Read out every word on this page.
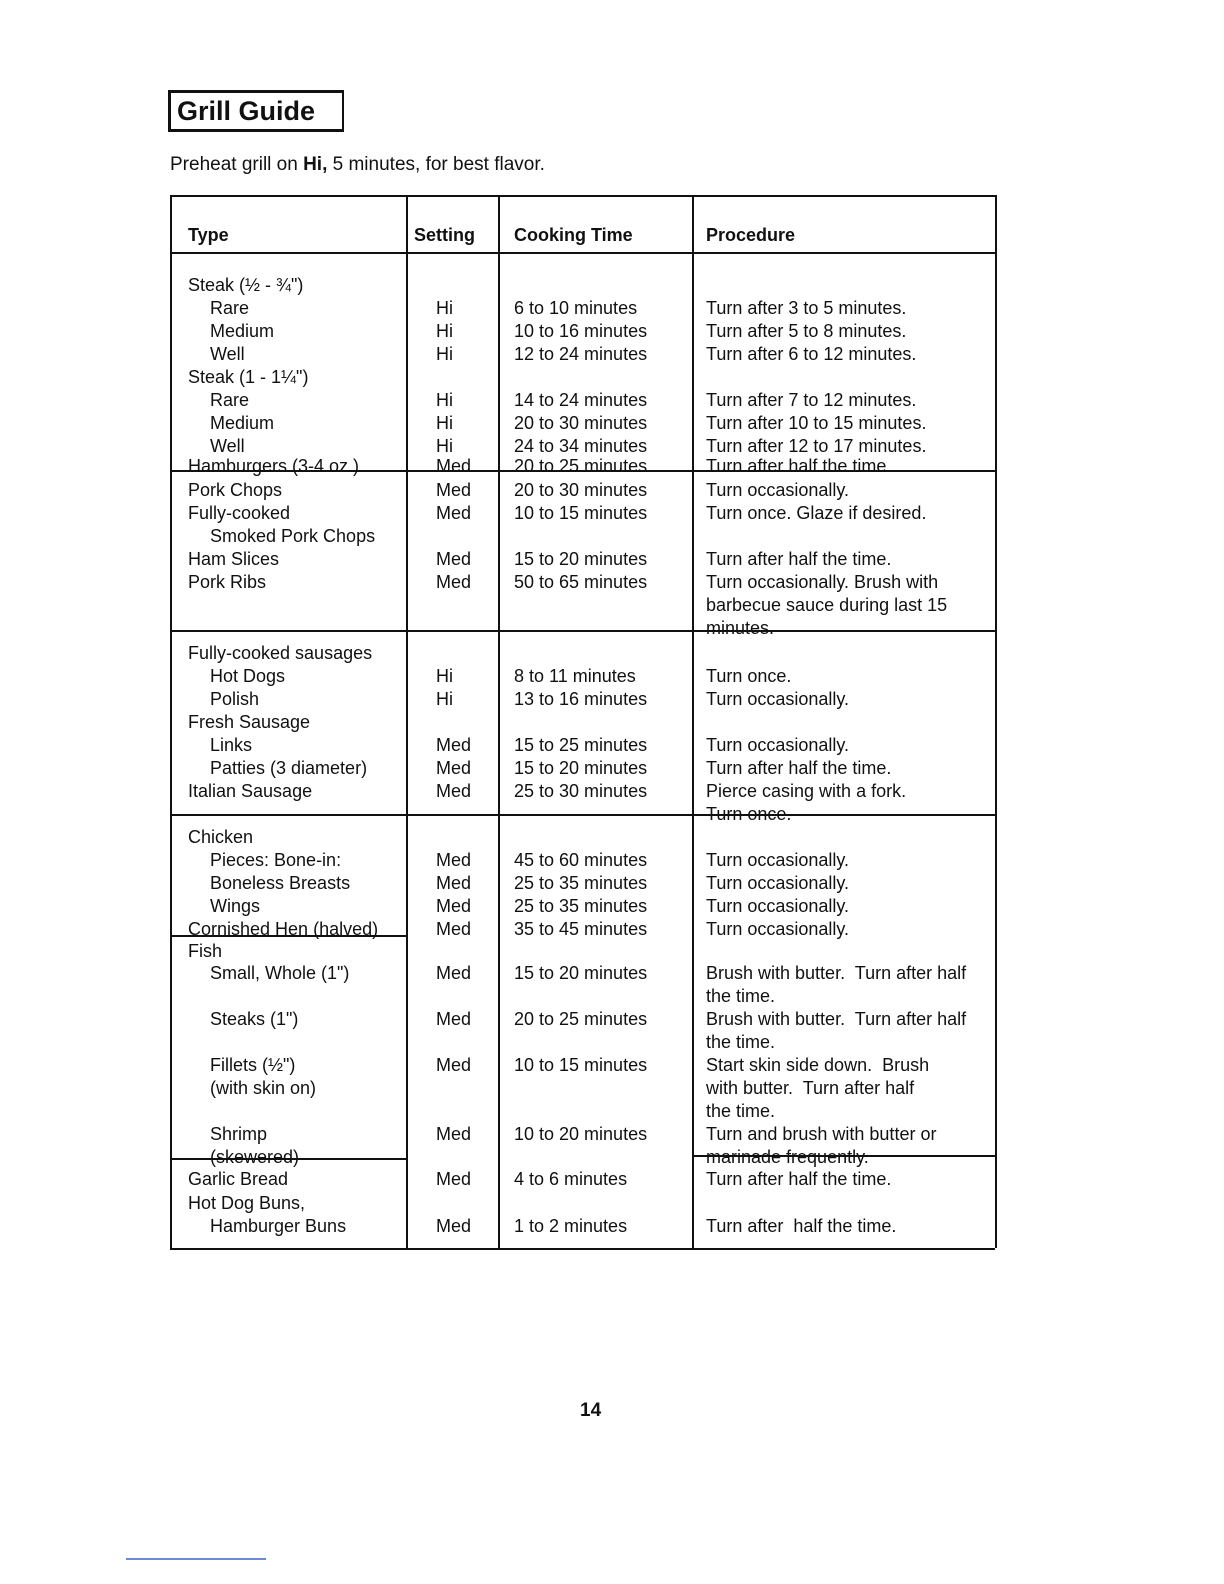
Grill Guide
Preheat grill on Hi, 5 minutes, for best flavor.
Type	Setting Cooking Time	Procedure
Steak (½ - ¾")
Rare	Hi	6 to 10 minutes	Turn after 3 to 5 minutes.
Medium	Hi	10 to 16 minutes	Turn after 5 to 8 minutes.
Well	Hi	12 to 24 minutes	Turn after 6 to 12 minutes.
Steak (1 - 1¼")
Rare	Hi	14 to 24 minutes	Turn after 7 to 12 minutes.
Medium	Hi	20 to 30 minutes	Turn after 10 to 15 minutes.
Well	Hi	24 to 34 minutes	Turn after 12 to 17 minutes.
Hamburgers (3-4 oz.)	Med 20 to 25 minutes	Turn after half the time.
Pork Chops	Med 20 to 30 minutes	Turn occasionally.
Fully-cooked	Med 10 to 15 minutes	Turn once. Glaze if desired.
Smoked Pork Chops
Ham Slices	Med 15 to 20 minutes	Turn after half the time.
Pork Ribs	Med 50 to 65 minutes	Turn occasionally. Brush with
barbecue sauce during last 15
minutes.
Fully-cooked sausages
Hot Dogs	Hi	8 to 11 minutes	Turn once.
Polish	Hi	13 to 16 minutes	Turn occasionally.
Fresh Sausage
Links	Med 15 to 25 minutes	Turn occasionally.
Patties (3 diameter)	Med 15 to 20 minutes	Turn after half the time.
Italian Sausage	Med 25 to 30 minutes	Pierce casing with a fork.
Turn once.
Chicken
Pieces: Bone-in:	Med 45 to 60 minutes	Turn occasionally.
Boneless Breasts	Med 25 to 35 minutes	Turn occasionally.
Wings	Med 25 to 35 minutes	Turn occasionally.
Cornished Hen (halved)	Med 35 to 45 minutes	Turn occasionally.
Fish
Small, Whole (1")	Med 15 to 20 minutes	Brush with butter.  Turn after half
the time.
Steaks (1")	Med 20 to 25 minutes	Brush with butter.  Turn after half
the time.
Fillets (½")	Med 10 to 15 minutes	Start skin side down.  Brush
(with skin on)	with butter.  Turn after half
the time.
Shrimp	Med 10 to 20 minutes	Turn and brush with butter or
(skewered)	marinade frequently.
Garlic Bread	Med 4 to 6 minutes	Turn after half the time.
Hot Dog Buns,
Hamburger Buns	Med 1 to 2 minutes	Turn after  half the time.
14
